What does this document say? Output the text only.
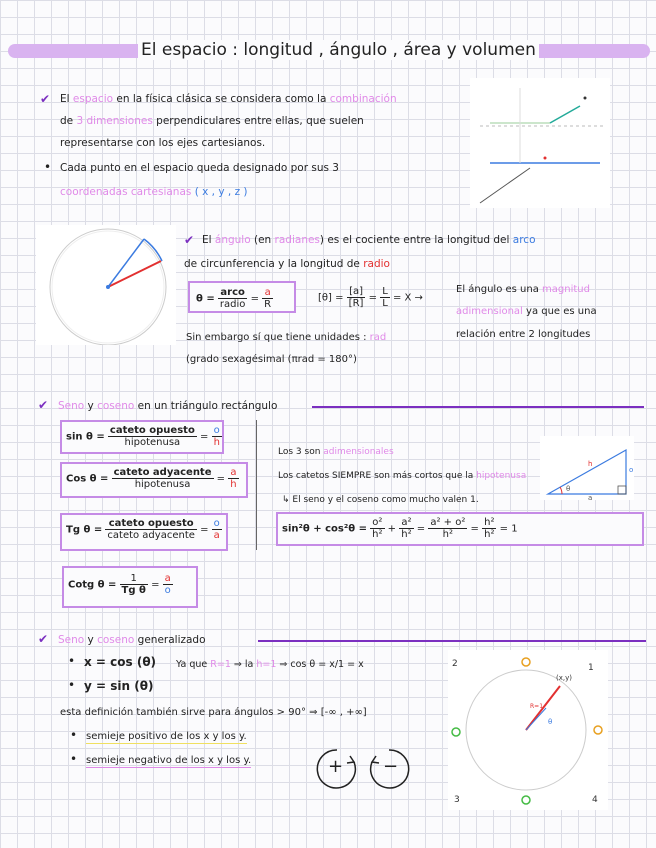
El espacio : longitud , ángulo , área y volumen
✔ El espacio en la física clásica se considera como la combinación
de 3 dimensiones perpendiculares entre ellas, que suelen
representarse con los ejes cartesianos.
• Cada punto en el espacio queda designado por sus 3
coordenadas cartesianas ( x , y , z )
✔ El ángulo (en radianes) es el cociente entre la longitud del arco
de circunferencia y la longitud de radio
$\theta = \frac{\text{arco}}{\text{radio}} = \frac{a}{R}$	$[\theta] = \frac{[a]}{[R]} = \frac{L}{L} = X$ →
El ángulo es una magnitud
adimensional ya que es una
relación entre 2 longitudes
Sin embargo sí que tiene unidades : rad
(grado sexagésimal (πrad = 180°)
✔ Seno y coseno en un triángulo rectángulo
$\sin \theta = \frac{\text{cateto opuesto}}{\text{hipotenusa}} = \frac{o}{h}$
Cos $\theta = \frac{\text{cateto adyacente}}{\text{hipotenusa}} = \frac{a}{h}$
Tg $\theta = \frac{\text{cateto opuesto}}{\text{cateto adyacente}} = \frac{o}{a}$
Cotg $\theta = \frac{1}{\text{Tg θ}} = \frac{a}{o}$
Los 3 son adimensionales
Los catetos SIEMPRE son más cortos que la hipotenusa
↳ El seno y el coseno como mucho valen 1.
h
o
a
θ
$\sin^2\theta + \cos^2\theta = \frac{\text{o²}}{\text{h²}} + \frac{\text{a²}}{\text{h²}} = \frac{\text{a² + o²}}{\text{h²}} = \frac{\text{h²}}{\text{h²}} = 1$
✔ Seno y coseno generalizado
• x = cos (θ)
• y = sin (θ)
Ya que R=1 ⇒ la h=1 ⇒ cos θ = x/1 = x
esta definición también sirve para ángulos > 90° ⇒ [-∞ , +∞]
• semieje positivo de los x y los y.
• semieje negativo de los x y los y.	+ −
2	1
3	4
(x,y)
R=1
θ
